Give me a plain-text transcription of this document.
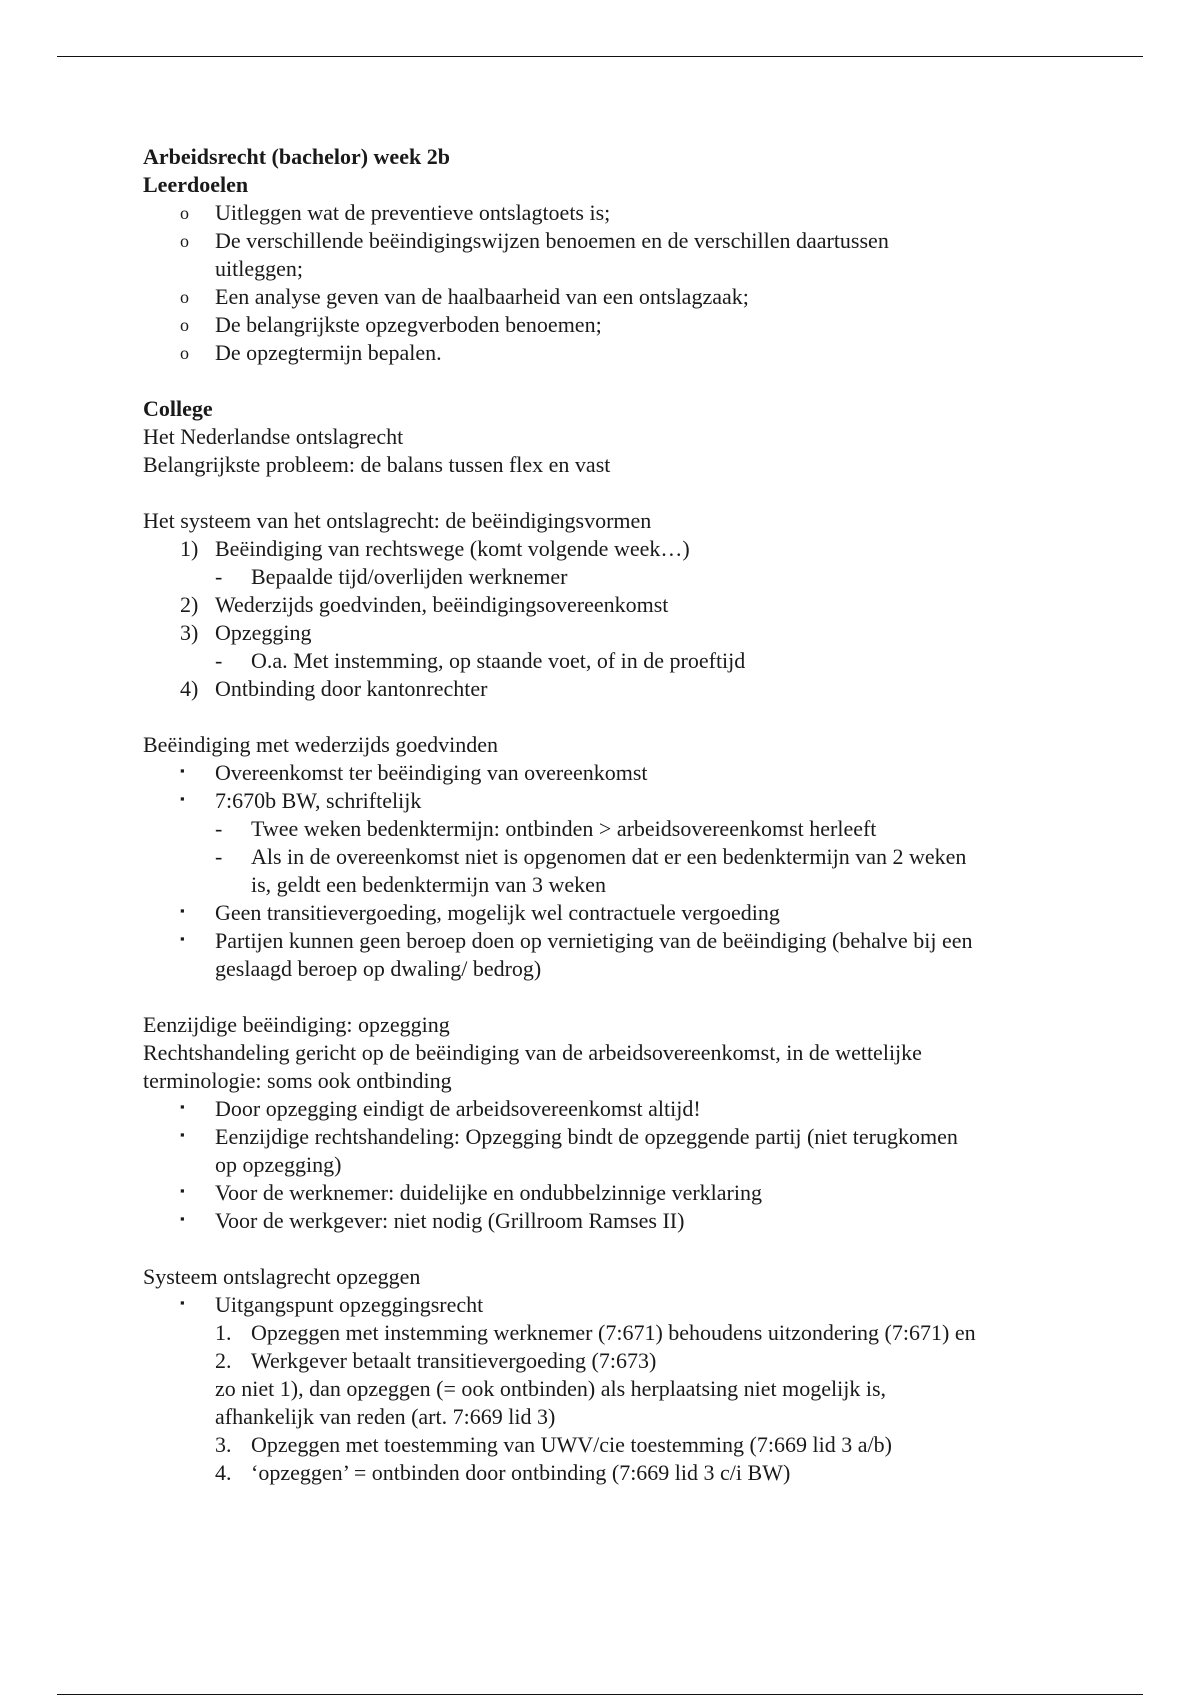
Arbeidsrecht (bachelor) week 2b
Leerdoelen
o	Uitleggen wat de preventieve ontslagtoets is;
o	De verschillende beëindigingswijzen benoemen en de verschillen daartussen
uitleggen;
o	Een analyse geven van de haalbaarheid van een ontslagzaak;
o	De belangrijkste opzegverboden benoemen;
o	De opzegtermijn bepalen.
College
Het Nederlandse ontslagrecht
Belangrijkste probleem: de balans tussen flex en vast
Het systeem van het ontslagrecht: de beëindigingsvormen
1) Beëindiging van rechtswege (komt volgende week…)
-	Bepaalde tijd/overlijden werknemer
2) Wederzijds goedvinden, beëindigingsovereenkomst
3) Opzegging
-	O.a. Met instemming, op staande voet, of in de proeftijd
4) Ontbinding door kantonrechter
Beëindiging met wederzijds goedvinden
▪	Overeenkomst ter beëindiging van overeenkomst
▪	7:670b BW, schriftelijk
-	Twee weken bedenktermijn: ontbinden > arbeidsovereenkomst herleeft
-	Als in de overeenkomst niet is opgenomen dat er een bedenktermijn van 2 weken
is, geldt een bedenktermijn van 3 weken
▪	Geen transitievergoeding, mogelijk wel contractuele vergoeding
▪	Partijen kunnen geen beroep doen op vernietiging van de beëindiging (behalve bij een
geslaagd beroep op dwaling/ bedrog)
Eenzijdige beëindiging: opzegging
Rechtshandeling gericht op de beëindiging van de arbeidsovereenkomst, in de wettelijke
terminologie: soms ook ontbinding
▪	Door opzegging eindigt de arbeidsovereenkomst altijd!
▪	Eenzijdige rechtshandeling: Opzegging bindt de opzeggende partij (niet terugkomen
op opzegging)
▪	Voor de werknemer: duidelijke en ondubbelzinnige verklaring
▪	Voor de werkgever: niet nodig (Grillroom Ramses II)
Systeem ontslagrecht opzeggen
▪	Uitgangspunt opzeggingsrecht
1. Opzeggen met instemming werknemer (7:671) behoudens uitzondering (7:671) en
2. Werkgever betaalt transitievergoeding (7:673)
zo niet 1), dan opzeggen (= ook ontbinden) als herplaatsing niet mogelijk is,
afhankelijk van reden (art. 7:669 lid 3)
3. Opzeggen met toestemming van UWV/cie toestemming (7:669 lid 3 a/b)
4. ‘opzeggen’ = ontbinden door ontbinding (7:669 lid 3 c/i BW)
